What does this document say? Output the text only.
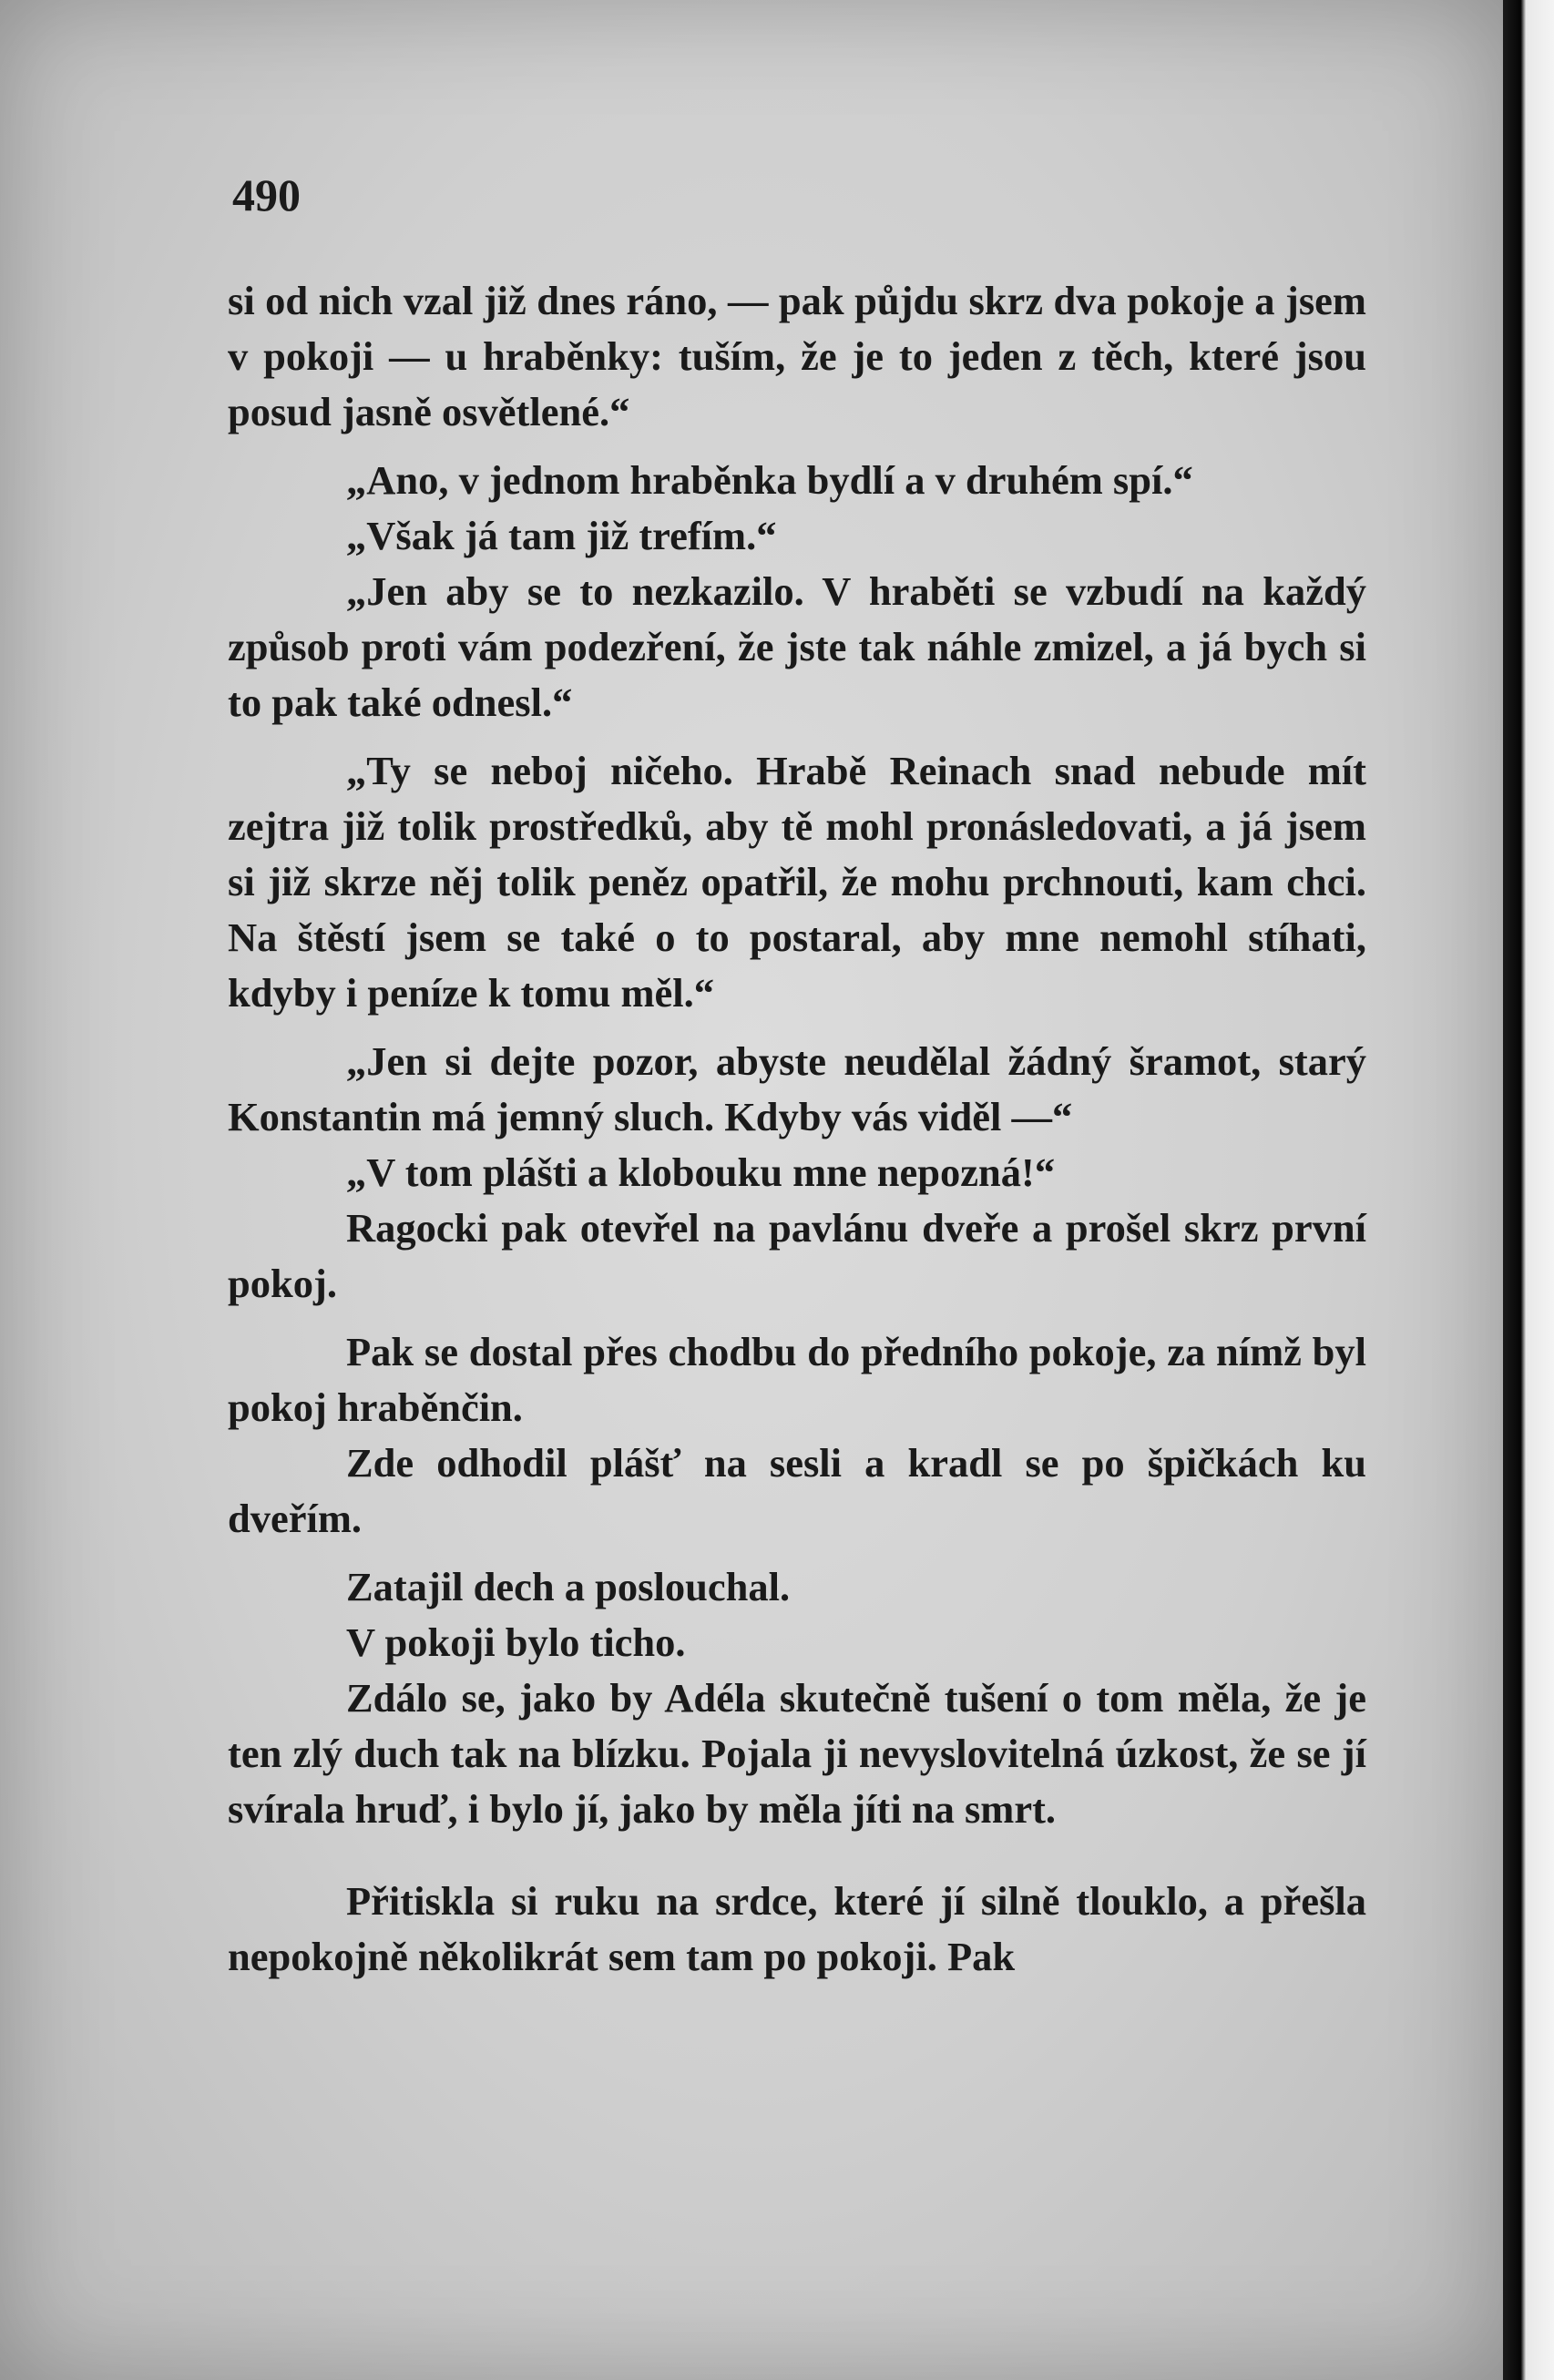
490

si od nich vzal již dnes ráno, — pak půjdu skrz dva pokoje a jsem v pokoji — u hraběnky: tuším, že je to jeden z těch, které jsou posud jasně osvětlené.“

„Ano, v jednom hraběnka bydlí a v druhém spí.“

„Však já tam již trefím.“

„Jen aby se to nezkazilo. V hraběti se vzbudí na každý způsob proti vám podezření, že jste tak náhle zmizel, a já bych si to pak také odnesl.“

„Ty se neboj ničeho. Hrabě Reinach snad nebude mít zejtra již tolik prostředků, aby tě mohl pronásledovati, a já jsem si již skrze něj tolik peněz opatřil, že mohu prchnouti, kam chci. Na štěstí jsem se také o to postaral, aby mne nemohl stíhati, kdyby i peníze k tomu měl.“

„Jen si dejte pozor, abyste neudělal žádný šramot, starý Konstantin má jemný sluch. Kdyby vás viděl —“

„V tom plášti a klobouku mne nepozná!“

Ragocki pak otevřel na pavlánu dveře a prošel skrz první pokoj.

Pak se dostal přes chodbu do předního pokoje, za nímž byl pokoj hraběnčin.

Zde odhodil plášť na sesli a kradl se po špičkách ku dveřím.

Zatajil dech a poslouchal.

V pokoji bylo ticho.

Zdálo se, jako by Adéla skutečně tušení o tom měla, že je ten zlý duch tak na blízku. Pojala ji nevyslovitelná úzkost, že se jí svírala hruď, i bylo jí, jako by měla jíti na smrt.

Přitiskla si ruku na srdce, které jí silně tlouklo, a přešla nepokojně několikrát sem tam po pokoji. Pak
